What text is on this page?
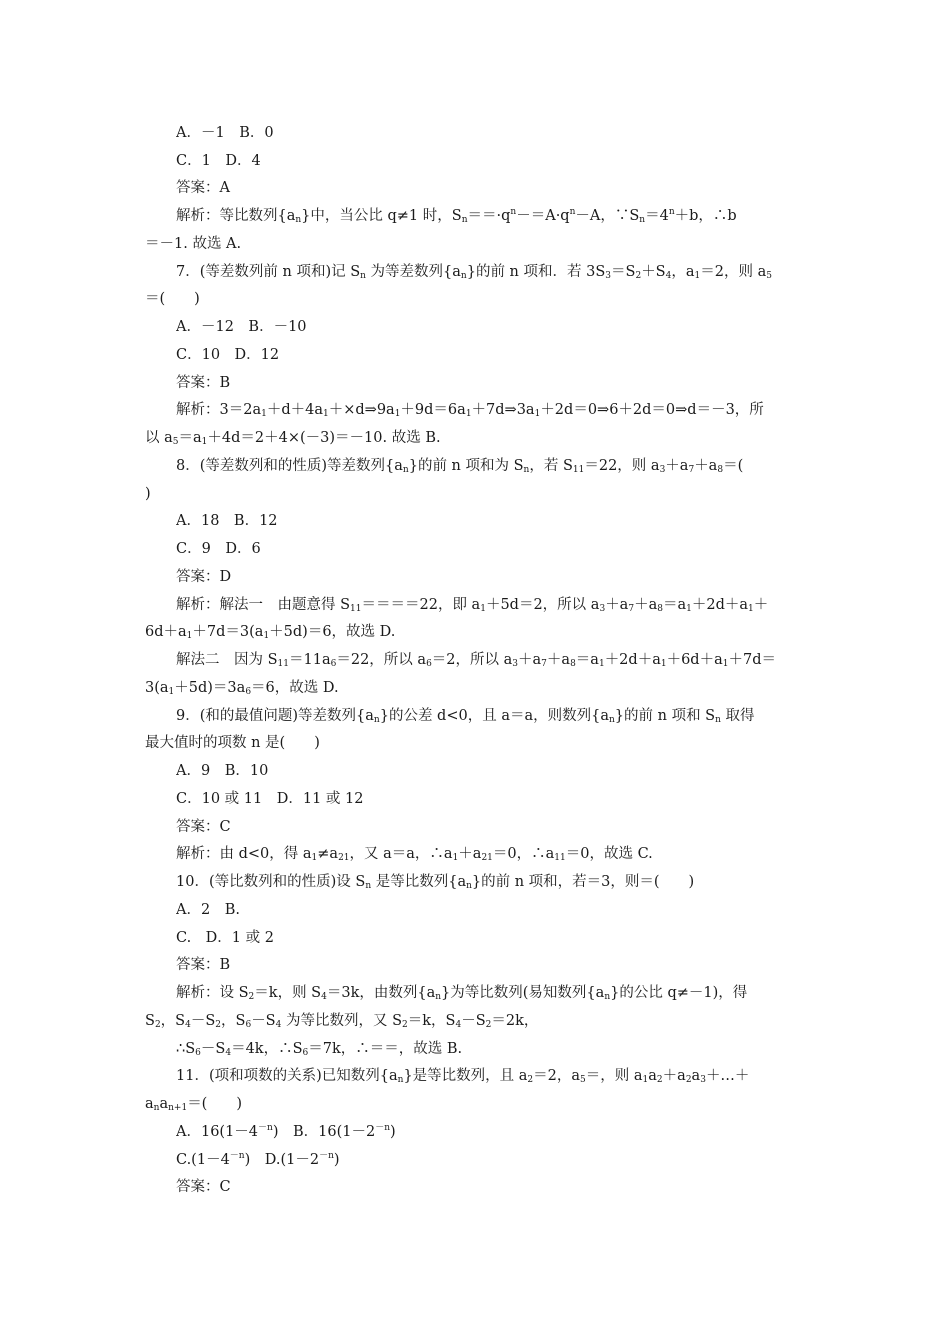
A．－1　B．0
C．1　D．4
答案：A
解析：等比数列$\{a_n\}$中，当公比 q≠1 时，$S_n==\cdot q^n-=A\cdot q^n-A$，$\because S_n=4^n+b$，∴b
＝－1. 故选 A.
7．(等差数列前 n 项和)记 $S_n$ 为等差数列$\{a_n\}$的前 n 项和．若 $3S_3=S_2+S_4$，$a_1=2$，则 $a_5$
＝(　　)
A．－12　B．－10
C．10　D．12
答案：B
解析：$3=2a_1+d+4a_1+\times d\Rightarrow 9a_1+9d=6a_1+7d\Rightarrow 3a_1+2d=0\Rightarrow 6+2d=0\Rightarrow d=-3$，所
以 $a_5=a_1+4d=2+4\times(-3)=-10$. 故选 B.
8．(等差数列和的性质)等差数列$\{a_n\}$的前 n 项和为 $S_n$，若 $S_{11}=22$，则 $a_3+a_7+a_8=$(
)
A．18　B．12
C．9　D．6
答案：D
解析：解法一　由题意得 $S_{11}====22$，即 $a_1+5d=2$，所以 $a_3+a_7+a_8=a_1+2d+a_1+$
$6d+a_1+7d=3(a_1+5d)=6$，故选 D.
解法二　因为 $S_{11}=11a_6=22$，所以 $a_6=2$，所以 $a_3+a_7+a_8=a_1+2d+a_1+6d+a_1+7d=$
$3(a_1+5d)=3a_6=6$，故选 D.
9．(和的最值问题)等差数列$\{a_n\}$的公差 d<0，且 a＝a，则数列$\{a_n\}$的前 n 项和 $S_n$ 取得
最大值时的项数 n 是(　　)
A．9　B．10
C．10 或 11　D．11 或 12
答案：C
解析：由 d<0，得 $a_1\ne a_{21}$，又 a＝a，$\therefore a_1+a_{21}=0$，$\therefore a_{11}=0$，故选 C.
10．(等比数列和的性质)设 $S_n$ 是等比数列$\{a_n\}$的前 n 项和，若＝3，则＝(　　)
A．2　B.
C.　D．1 或 2
答案：B
解析：设 $S_2=k$，则 $S_4=3k$，由数列$\{a_n\}$为等比数列(易知数列$\{a_n\}$的公比 q≠－1)，得
$S_2$，$S_4-S_2$，$S_6-S_4$ 为等比数列，又 $S_2=k$，$S_4-S_2=2k$，
$\therefore S_6-S_4=4k$，$\therefore S_6=7k$，∴＝＝，故选 B.
11．(项和项数的关系)已知数列$\{a_n\}$是等比数列，且 $a_2=2$，$a_5=$，则 $a_1a_2+a_2a_3+\dots+$
$a_na_{n+1}=$(　　)
A．$16(1-4^{-n})$　B．$16(1-2^{-n})$
$C.(1-4^{-n})$　$D.(1-2^{-n})$
答案：C
